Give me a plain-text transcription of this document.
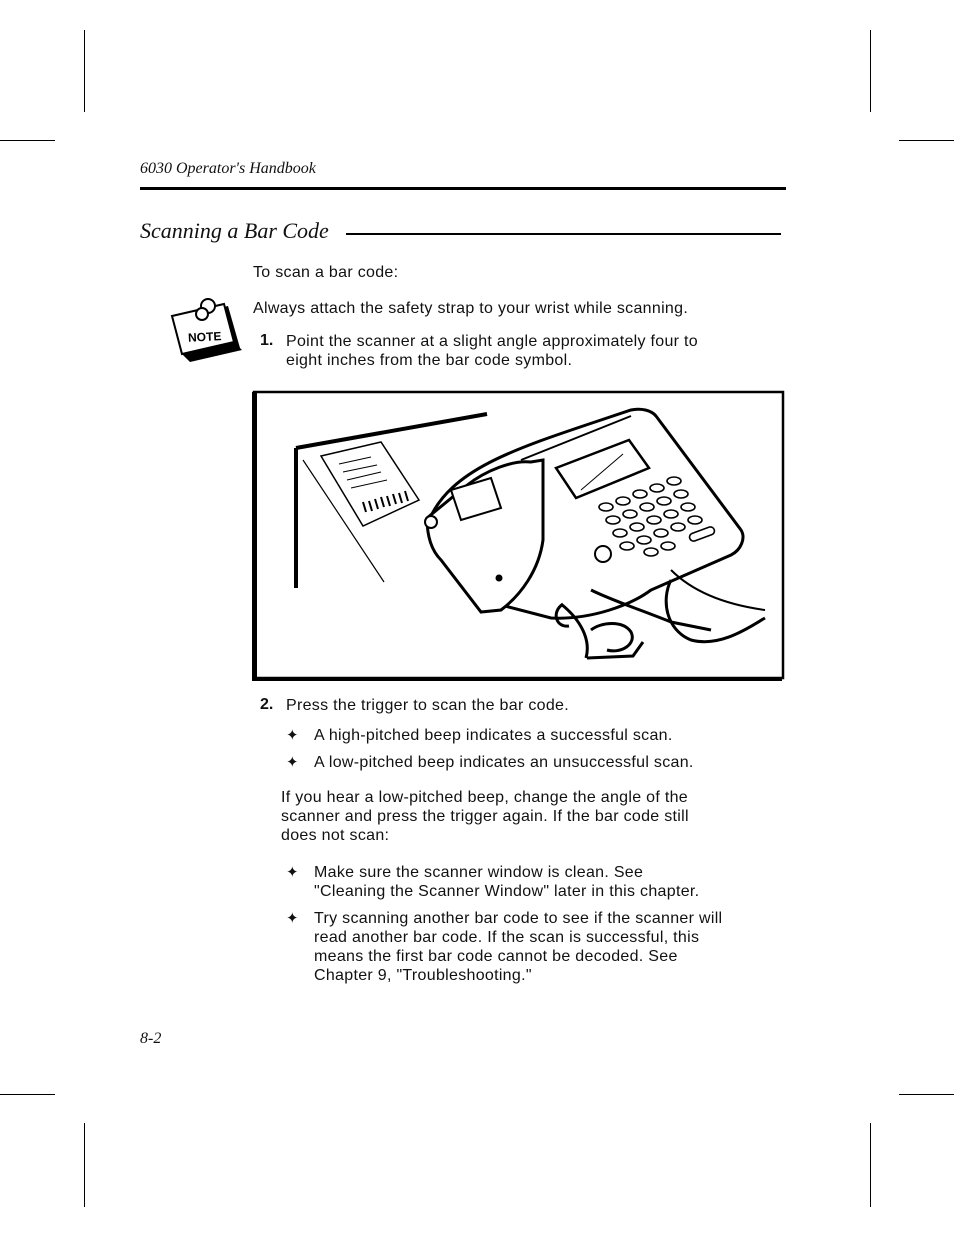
6030 Operator's Handbook
Scanning a Bar Code
To scan a bar code:
NOTE
Always attach the safety strap to your wrist while scanning.
1. Point the scanner at a slight angle approximately four to
eight inches from the bar code symbol.
2. Press the trigger to scan the bar code.
✦ A high-pitched beep indicates a successful scan.
✦ A low-pitched beep indicates an unsuccessful scan.
If you hear a low-pitched beep, change the angle of the
scanner and press the trigger again. If the bar code still
does not scan:
✦ Make sure the scanner window is clean. See
"Cleaning the Scanner Window" later in this chapter.
✦ Try scanning another bar code to see if the scanner will
read another bar code. If the scan is successful, this
means the first bar code cannot be decoded. See
Chapter 9, "Troubleshooting."
8-2
